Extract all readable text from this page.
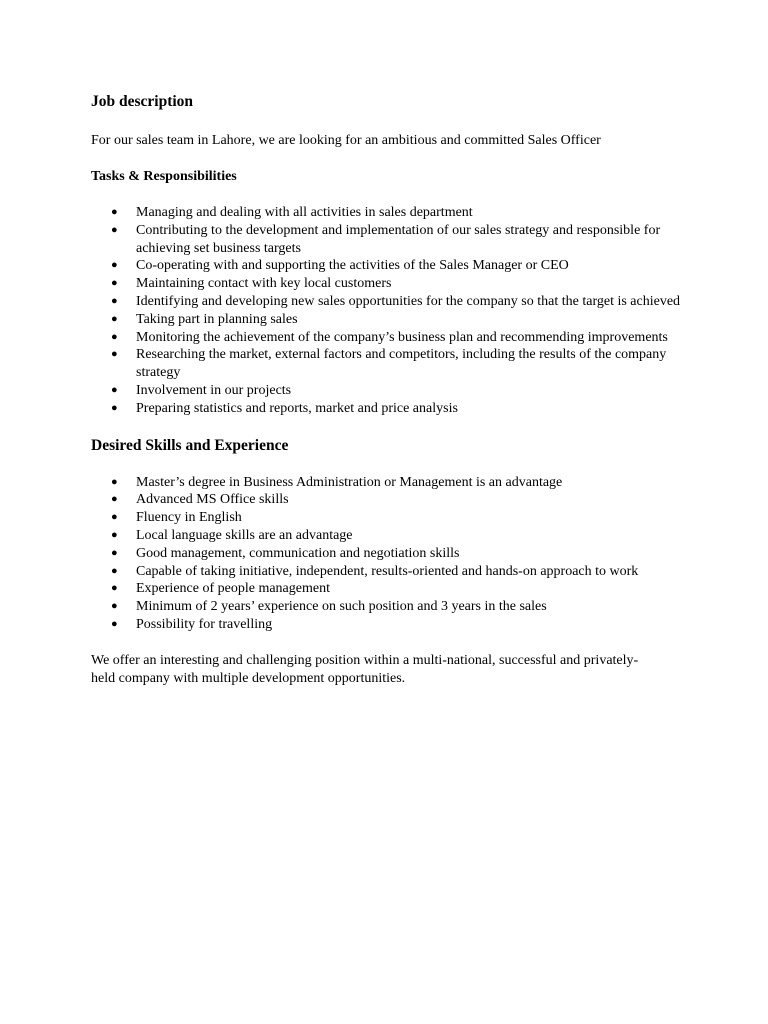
Job description

For our sales team in Lahore, we are looking for an ambitious and committed Sales Officer

Tasks & Responsibilities

● Managing and dealing with all activities in sales department
● Contributing to the development and implementation of our sales strategy and responsible for achieving set business targets
● Co-operating with and supporting the activities of the Sales Manager or CEO
● Maintaining contact with key local customers
● Identifying and developing new sales opportunities for the company so that the target is achieved
● Taking part in planning sales
● Monitoring the achievement of the company’s business plan and recommending improvements
● Researching the market, external factors and competitors, including the results of the company strategy
● Involvement in our projects
● Preparing statistics and reports, market and price analysis
Desired Skills and Experience
● Master’s degree in Business Administration or Management is an advantage
● Advanced MS Office skills
● Fluency in English
● Local language skills are an advantage
● Good management, communication and negotiation skills
● Capable of taking initiative, independent, results-oriented and hands-on approach to work
● Experience of people management
● Minimum of 2 years’ experience on such position and 3 years in the sales
● Possibility for travelling

We offer an interesting and challenging position within a multi-national, successful and privately-held company with multiple development opportunities.
